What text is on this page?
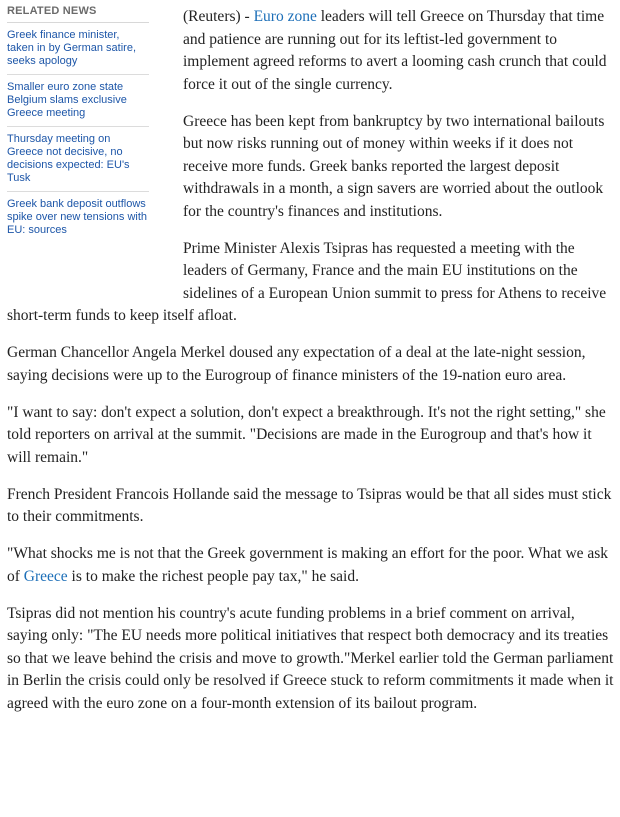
(Reuters) - Euro zone leaders will tell Greece on Thursday that time and patience are running out for its leftist-led government to implement agreed reforms to avert a looming cash crunch that could force it out of the single currency.

Greece has been kept from bankruptcy by two international bailouts but now risks running out of money within weeks if it does not receive more funds. Greek banks reported the largest deposit withdrawals in a month, a sign savers are worried about the outlook for the country's finances and institutions.

Prime Minister Alexis Tsipras has requested a meeting with the leaders of Germany, France and the main EU institutions on the sidelines of a European Union summit to press for Athens to receive short-term funds to keep itself afloat.

German Chancellor Angela Merkel doused any expectation of a deal at the late-night session, saying decisions were up to the Eurogroup of finance ministers of the 19-nation euro area.

"I want to say: don't expect a solution, don't expect a breakthrough. It's not the right setting," she told reporters on arrival at the summit. "Decisions are made in the Eurogroup and that's how it will remain."

French President Francois Hollande said the message to Tsipras would be that all sides must stick to their commitments.

"What shocks me is not that the Greek government is making an effort for the poor. What we ask of Greece is to make the richest people pay tax," he said.

Tsipras did not mention his country's acute funding problems in a brief comment on arrival, saying only: "The EU needs more political initiatives that respect both democracy and its treaties so that we leave behind the crisis and move to growth."Merkel earlier told the German parliament in Berlin the crisis could only be resolved if Greece stuck to reform commitments it made when it agreed with the euro zone on a four-month extension of its bailout program.

RELATED NEWS
Greek finance minister, taken in by German satire, seeks apology
Smaller euro zone state Belgium slams exclusive Greece meeting
Thursday meeting on Greece not decisive, no decisions expected: EU's Tusk
Greek bank deposit outflows spike over new tensions with EU: sources
